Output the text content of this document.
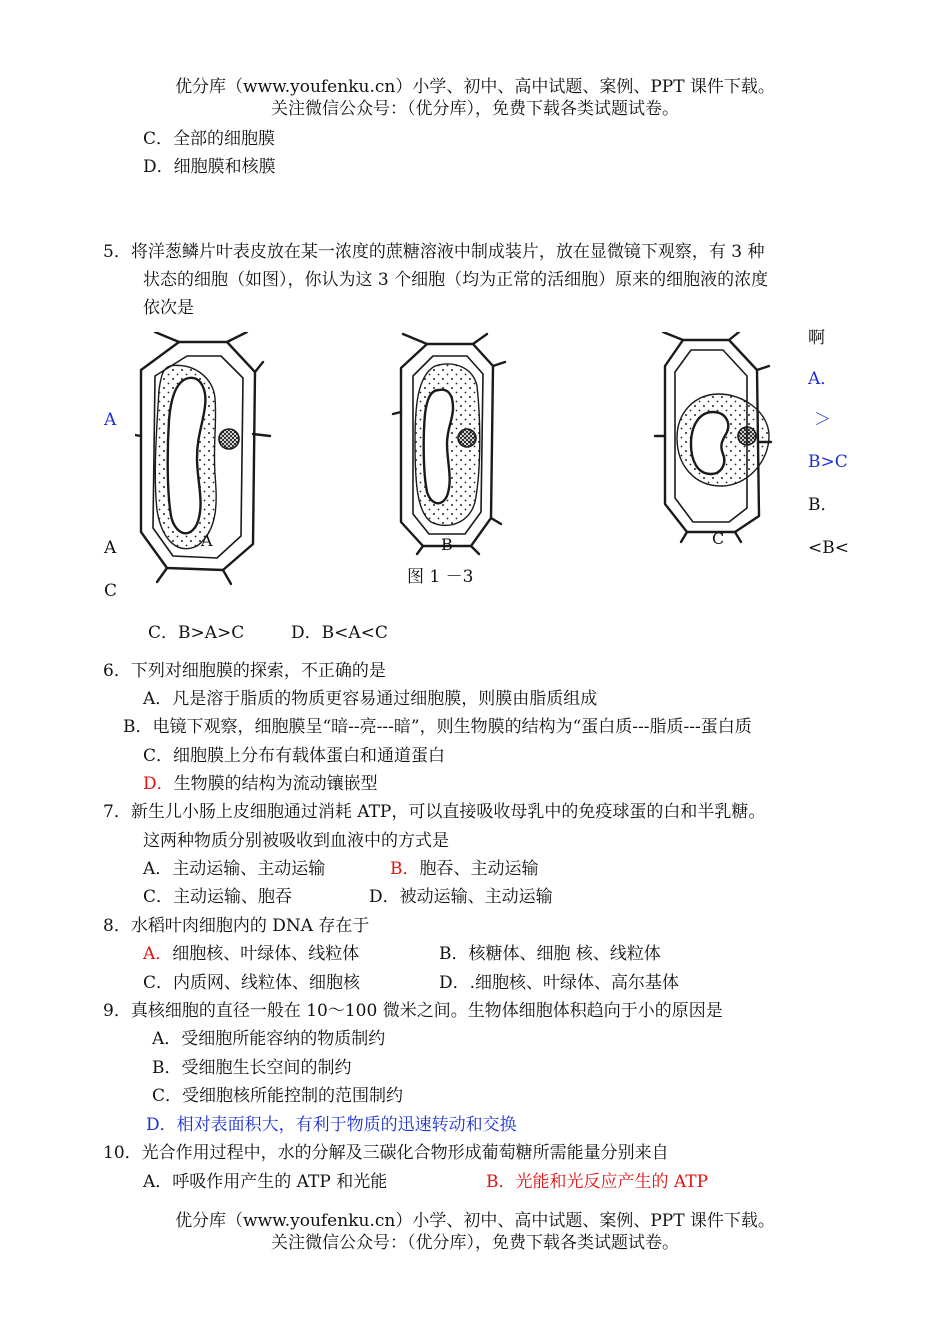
优分库（www.youfenku.cn）小学、初中、高中试题、案例、PPT 课件下载。
关注微信公众号：（优分库），免费下载各类试题试卷。
C．全部的细胞膜
D．细胞膜和核膜
5．将洋葱鳞片叶表皮放在某一浓度的蔗糖溶液中制成装片，放在显微镜下观察，有 3 种
状态的细胞（如图），你认为这 3 个细胞（均为正常的活细胞）原来的细胞液的浓度
依次是
啊
A．
＞
B>C
B．
<B<
A
A
C
A	B	C
图 1 －3
C．B>A>C	D．B<A<C
6．下列对细胞膜的探索，不正确的是
A．凡是溶于脂质的物质更容易通过细胞膜，则膜由脂质组成
B．电镜下观察，细胞膜呈“暗--亮---暗”，则生物膜的结构为“蛋白质---脂质---蛋白质
C．细胞膜上分布有载体蛋白和通道蛋白
D．生物膜的结构为流动镶嵌型
7．新生儿小肠上皮细胞通过消耗 ATP，可以直接吸收母乳中的免疫球蛋的白和半乳糖。
这两种物质分别被吸收到血液中的方式是
A．主动运输、主动运输	B．胞吞、主动运输
C．主动运输、胞吞	D．被动运输、主动运输
8．水稻叶肉细胞内的 DNA 存在于
A．细胞核、叶绿体、线粒体	B．核糖体、细胞 核、线粒体
C．内质网、线粒体、细胞核	D．.细胞核、叶绿体、高尔基体
9．真核细胞的直径一般在 10～100 微米之间。生物体细胞体积趋向于小的原因是
A．受细胞所能容纳的物质制约
B．受细胞生长空间的制约
C．受细胞核所能控制的范围制约
D．相对表面积大，有利于物质的迅速转动和交换
10．光合作用过程中，水的分解及三碳化合物形成葡萄糖所需能量分别来自
A．呼吸作用产生的 ATP 和光能	B．光能和光反应产生的 ATP
优分库（www.youfenku.cn）小学、初中、高中试题、案例、PPT 课件下载。
关注微信公众号：（优分库），免费下载各类试题试卷。
